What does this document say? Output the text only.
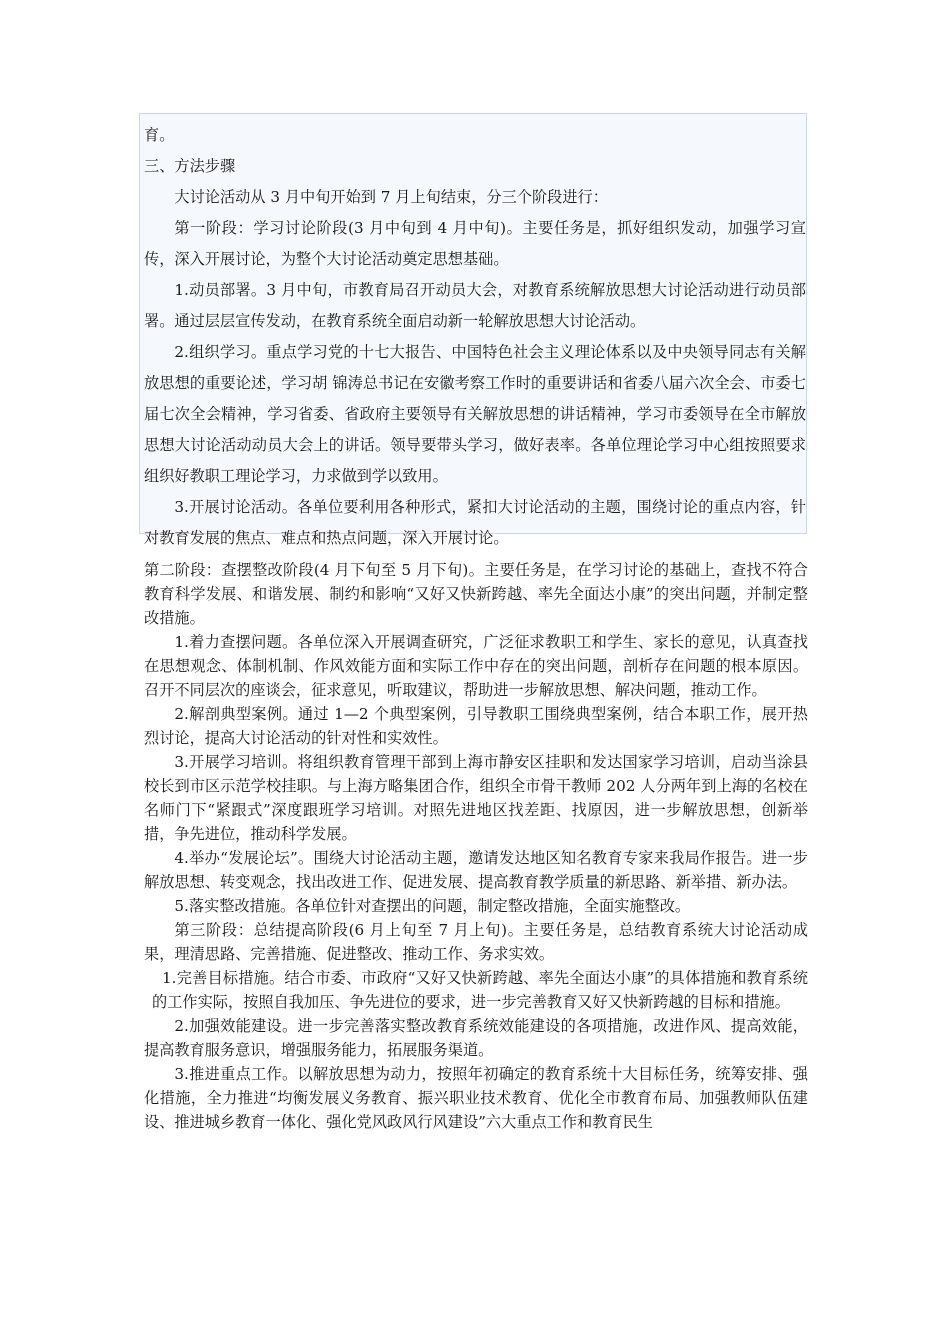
育。

三、方法步骤

大讨论活动从 3 月中旬开始到 7 月上旬结束，分三个阶段进行：

第一阶段：学习讨论阶段(3 月中旬到 4 月中旬)。主要任务是，抓好组织发动，加强学习宣传，深入开展讨论，为整个大讨论活动奠定思想基础。

1.动员部署。3 月中旬，市教育局召开动员大会，对教育系统解放思想大讨论活动进行动员部署。通过层层宣传发动，在教育系统全面启动新一轮解放思想大讨论活动。

2.组织学习。重点学习党的十七大报告、中国特色社会主义理论体系以及中央领导同志有关解放思想的重要论述，学习胡 锦涛总书记在安徽考察工作时的重要讲话和省委八届六次全会、市委七届七次全会精神，学习省委、省政府主要领导有关解放思想的讲话精神，学习市委领导在全市解放思想大讨论活动动员大会上的讲话。领导要带头学习，做好表率。各单位理论学习中心组按照要求组织好教职工理论学习，力求做到学以致用。

3.开展讨论活动。各单位要利用各种形式，紧扣大讨论活动的主题，围绕讨论的重点内容，针对教育发展的焦点、难点和热点问题，深入开展讨论。

第二阶段：查摆整改阶段(4 月下旬至 5 月下旬)。主要任务是，在学习讨论的基础上，查找不符合教育科学发展、和谐发展、制约和影响“又好又快新跨越、率先全面达小康”的突出问题，并制定整改措施。

1.着力查摆问题。各单位深入开展调查研究，广泛征求教职工和学生、家长的意见，认真查找在思想观念、体制机制、作风效能方面和实际工作中存在的突出问题，剖析存在问题的根本原因。召开不同层次的座谈会，征求意见，听取建议，帮助进一步解放思想、解决问题，推动工作。

2.解剖典型案例。通过 1—2 个典型案例，引导教职工围绕典型案例，结合本职工作，展开热烈讨论，提高大讨论活动的针对性和实效性。

3.开展学习培训。将组织教育管理干部到上海市静安区挂职和发达国家学习培训，启动当涂县校长到市区示范学校挂职。与上海方略集团合作，组织全市骨干教师 202 人分两年到上海的名校在名师门下“紧跟式”深度跟班学习培训。对照先进地区找差距、找原因，进一步解放思想，创新举措，争先进位，推动科学发展。

4.举办“发展论坛”。围绕大讨论活动主题，邀请发达地区知名教育专家来我局作报告。进一步解放思想、转变观念，找出改进工作、促进发展、提高教育教学质量的新思路、新举措、新办法。

5.落实整改措施。各单位针对查摆出的问题，制定整改措施，全面实施整改。

第三阶段：总结提高阶段(6 月上旬至 7 月上旬)。主要任务是，总结教育系统大讨论活动成果，理清思路、完善措施、促进整改、推动工作、务求实效。

1.完善目标措施。结合市委、市政府“又好又快新跨越、率先全面达小康”的具体措施和教育系统的工作实际，按照自我加压、争先进位的要求，进一步完善教育又好又快新跨越的目标和措施。

2.加强效能建设。进一步完善落实整改教育系统效能建设的各项措施，改进作风、提高效能，提高教育服务意识，增强服务能力，拓展服务渠道。

3.推进重点工作。以解放思想为动力，按照年初确定的教育系统十大目标任务，统筹安排、强化措施，全力推进“均衡发展义务教育、振兴职业技术教育、优化全市教育布局、加强教师队伍建设、推进城乡教育一体化、强化党风政风行风建设”六大重点工作和教育民生
